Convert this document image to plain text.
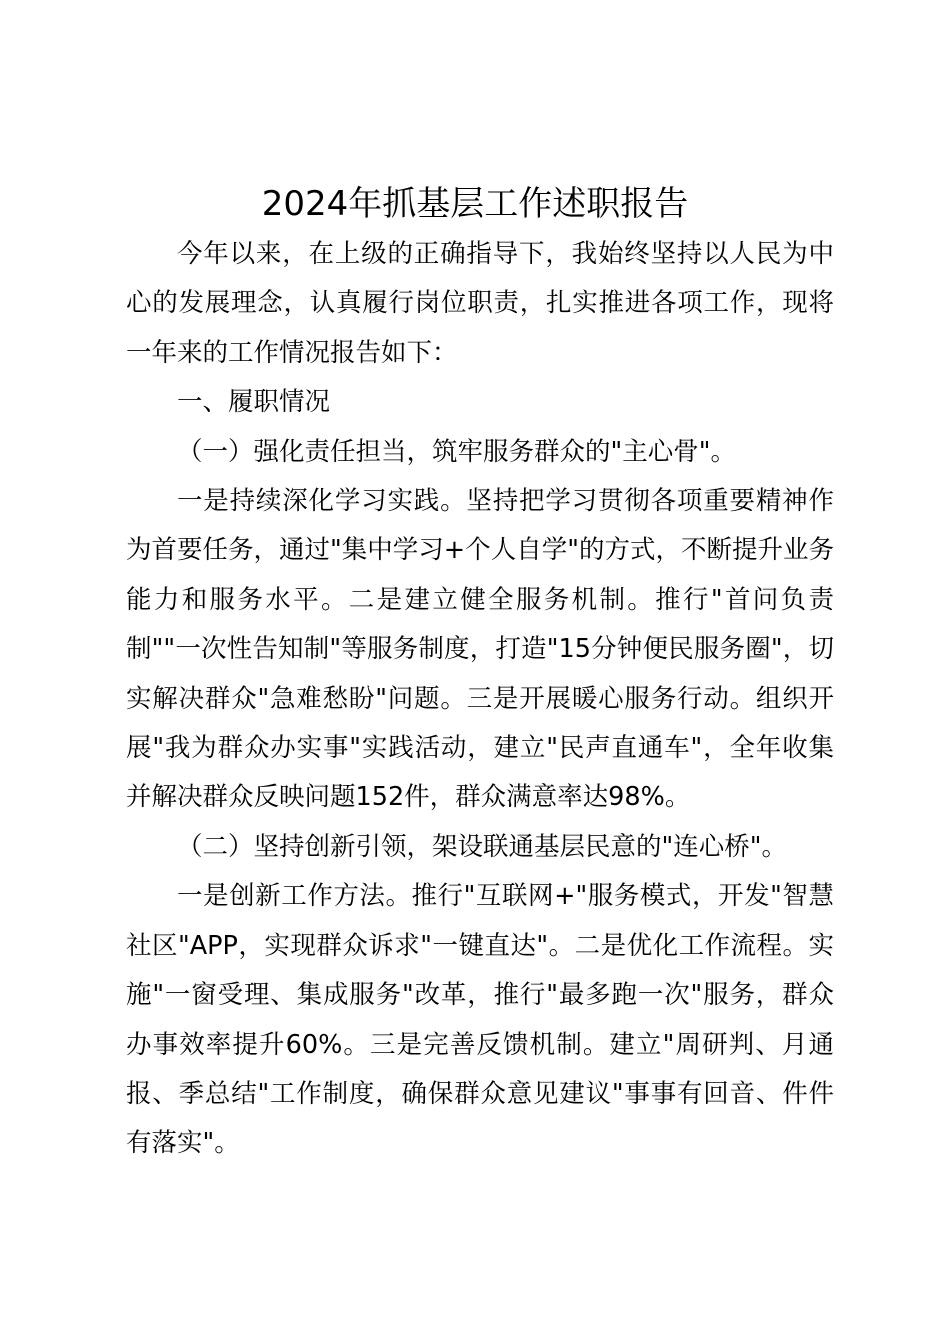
2024年抓基层工作述职报告

今年以来，在上级的正确指导下，我始终坚持以人民为中心的发展理念，认真履行岗位职责，扎实推进各项工作，现将一年来的工作情况报告如下：

一、履职情况

（一）强化责任担当，筑牢服务群众的"主心骨"。

一是持续深化学习实践。坚持把学习贯彻各项重要精神作为首要任务，通过"集中学习+个人自学"的方式，不断提升业务能力和服务水平。二是建立健全服务机制。推行"首问负责制""一次性告知制"等服务制度，打造"15分钟便民服务圈"，切实解决群众"急难愁盼"问题。三是开展暖心服务行动。组织开展"我为群众办实事"实践活动，建立"民声直通车"，全年收集并解决群众反映问题152件，群众满意率达98%。

（二）坚持创新引领，架设联通基层民意的"连心桥"。

一是创新工作方法。推行"互联网+"服务模式，开发"智慧社区"APP，实现群众诉求"一键直达"。二是优化工作流程。实施"一窗受理、集成服务"改革，推行"最多跑一次"服务，群众办事效率提升60%。三是完善反馈机制。建立"周研判、月通报、季总结"工作制度，确保群众意见建议"事事有回音、件件有落实"。
